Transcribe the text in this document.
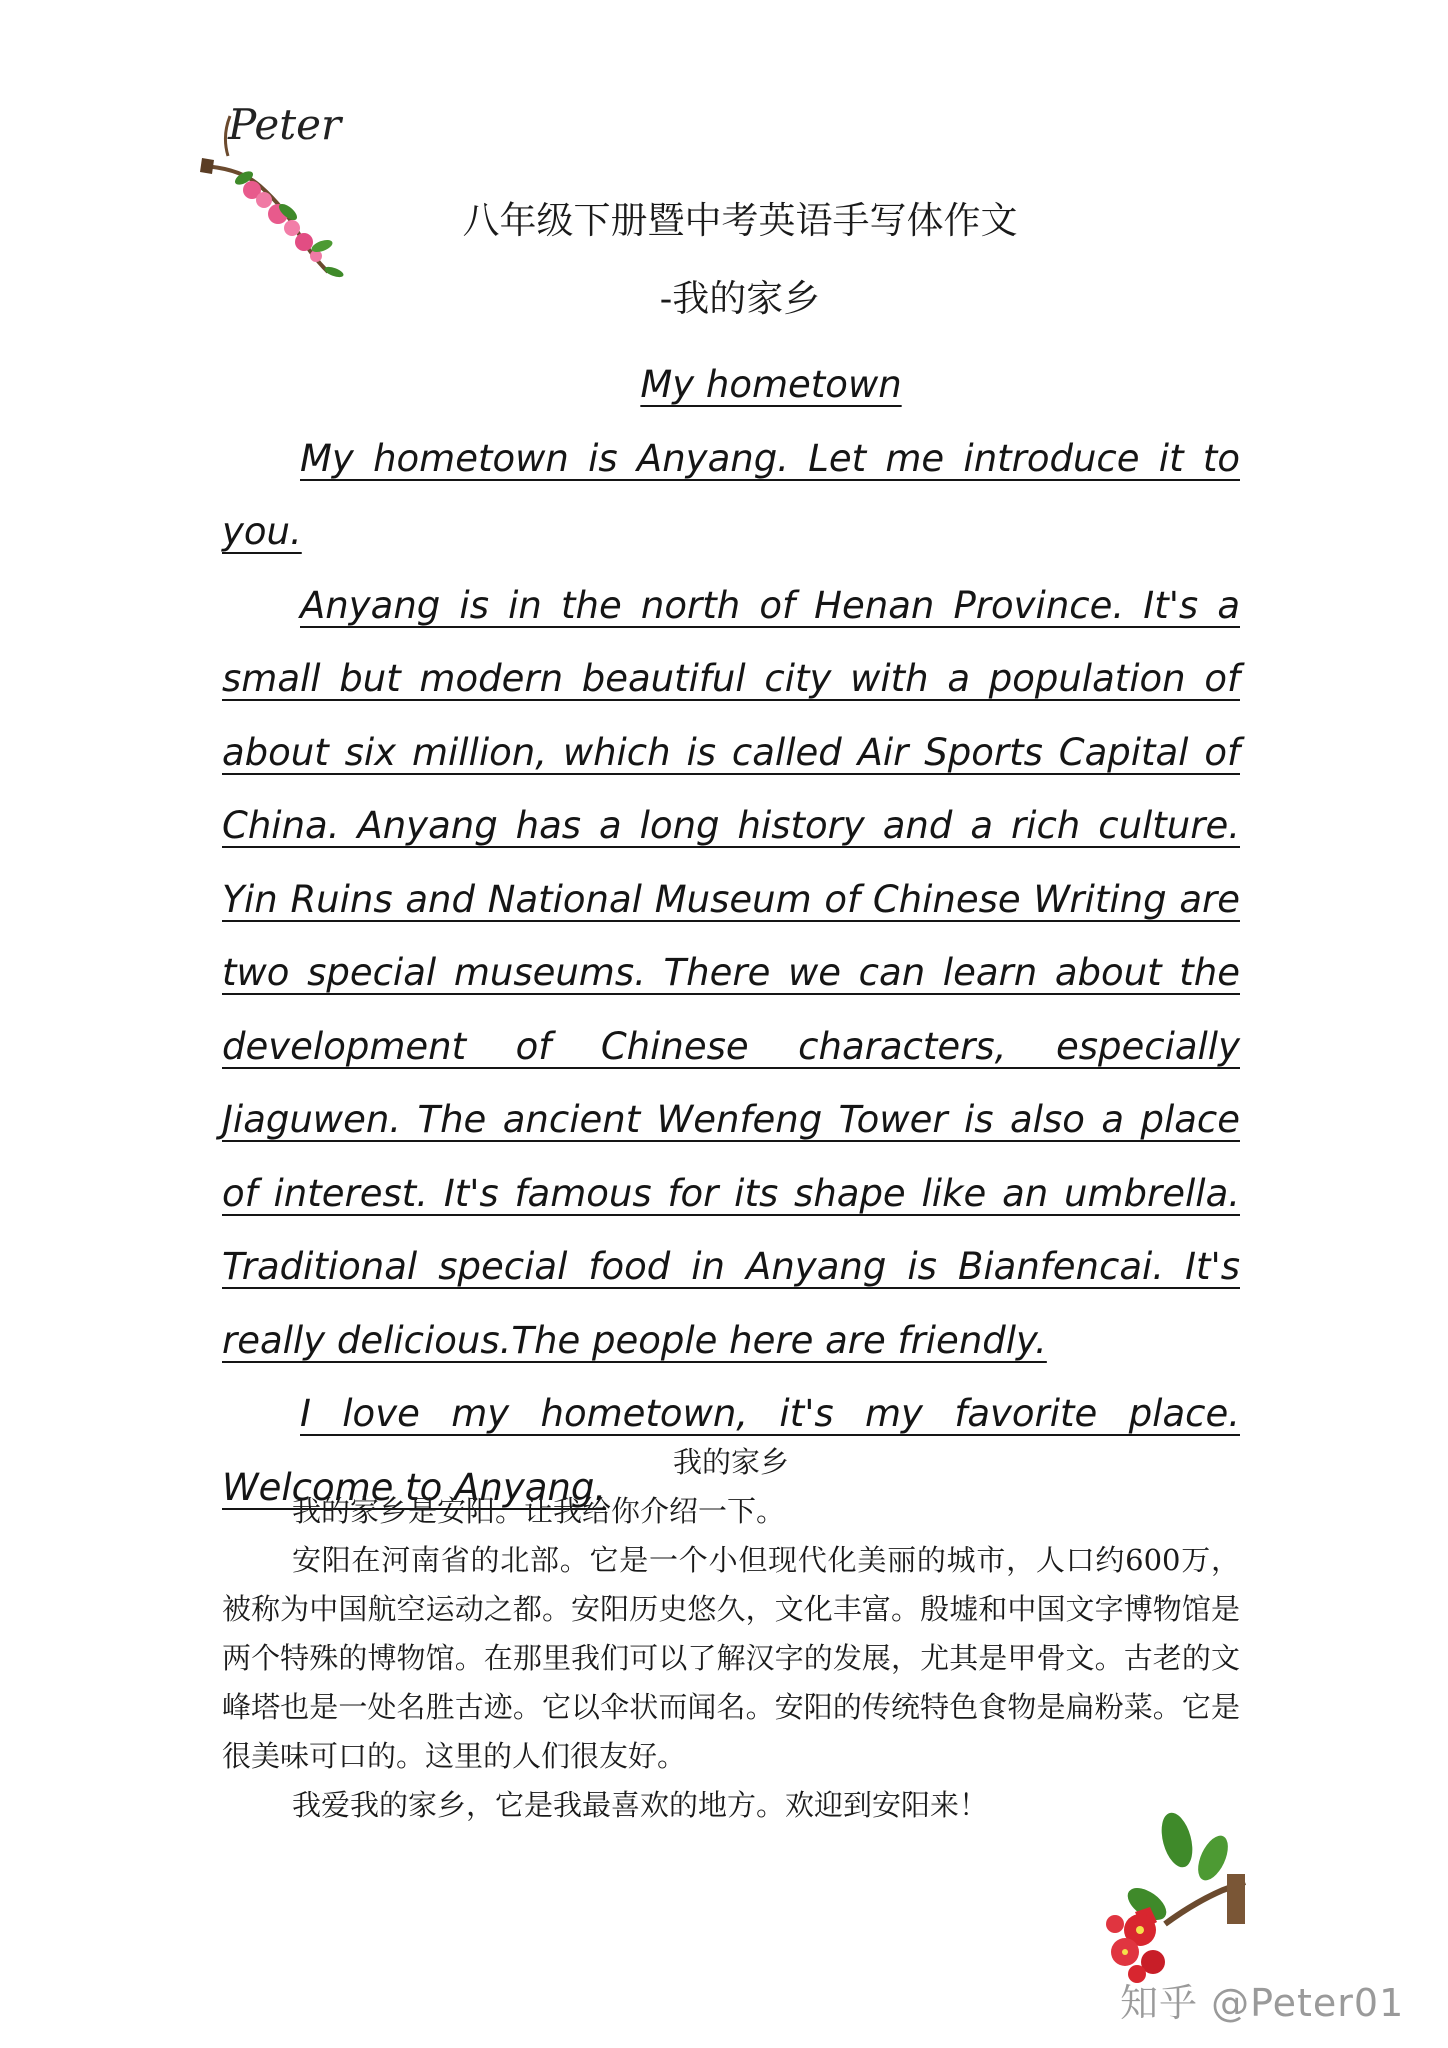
Peter
八年级下册暨中考英语手写体作文
-我的家乡

My hometown

My hometown is Anyang. Let me introduce it to you.

Anyang is in the north of Henan Province. It's a small but modern beautiful city with a population of about six million, which is called Air Sports Capital of China. Anyang has a long history and a rich culture. Yin Ruins and National Museum of Chinese Writing are two special museums. There we can learn about the development of Chinese characters, especially Jiaguwen. The ancient Wenfeng Tower is also a place of interest. It's famous for its shape like an umbrella. Traditional special food in Anyang is Bianfencai. It's really delicious.The people here are friendly.

I love my hometown, it's my favorite place. Welcome to Anyang.

我的家乡

我的家乡是安阳。让我给你介绍一下。

安阳在河南省的北部。它是一个小但现代化美丽的城市，人口约600万，被称为中国航空运动之都。安阳历史悠久，文化丰富。殷墟和中国文字博物馆是两个特殊的博物馆。在那里我们可以了解汉字的发展，尤其是甲骨文。古老的文峰塔也是一处名胜古迹。它以伞状而闻名。安阳的传统特色食物是扁粉菜。它是很美味可口的。这里的人们很友好。

我爱我的家乡，它是我最喜欢的地方。欢迎到安阳来！

知乎 @Peter01
